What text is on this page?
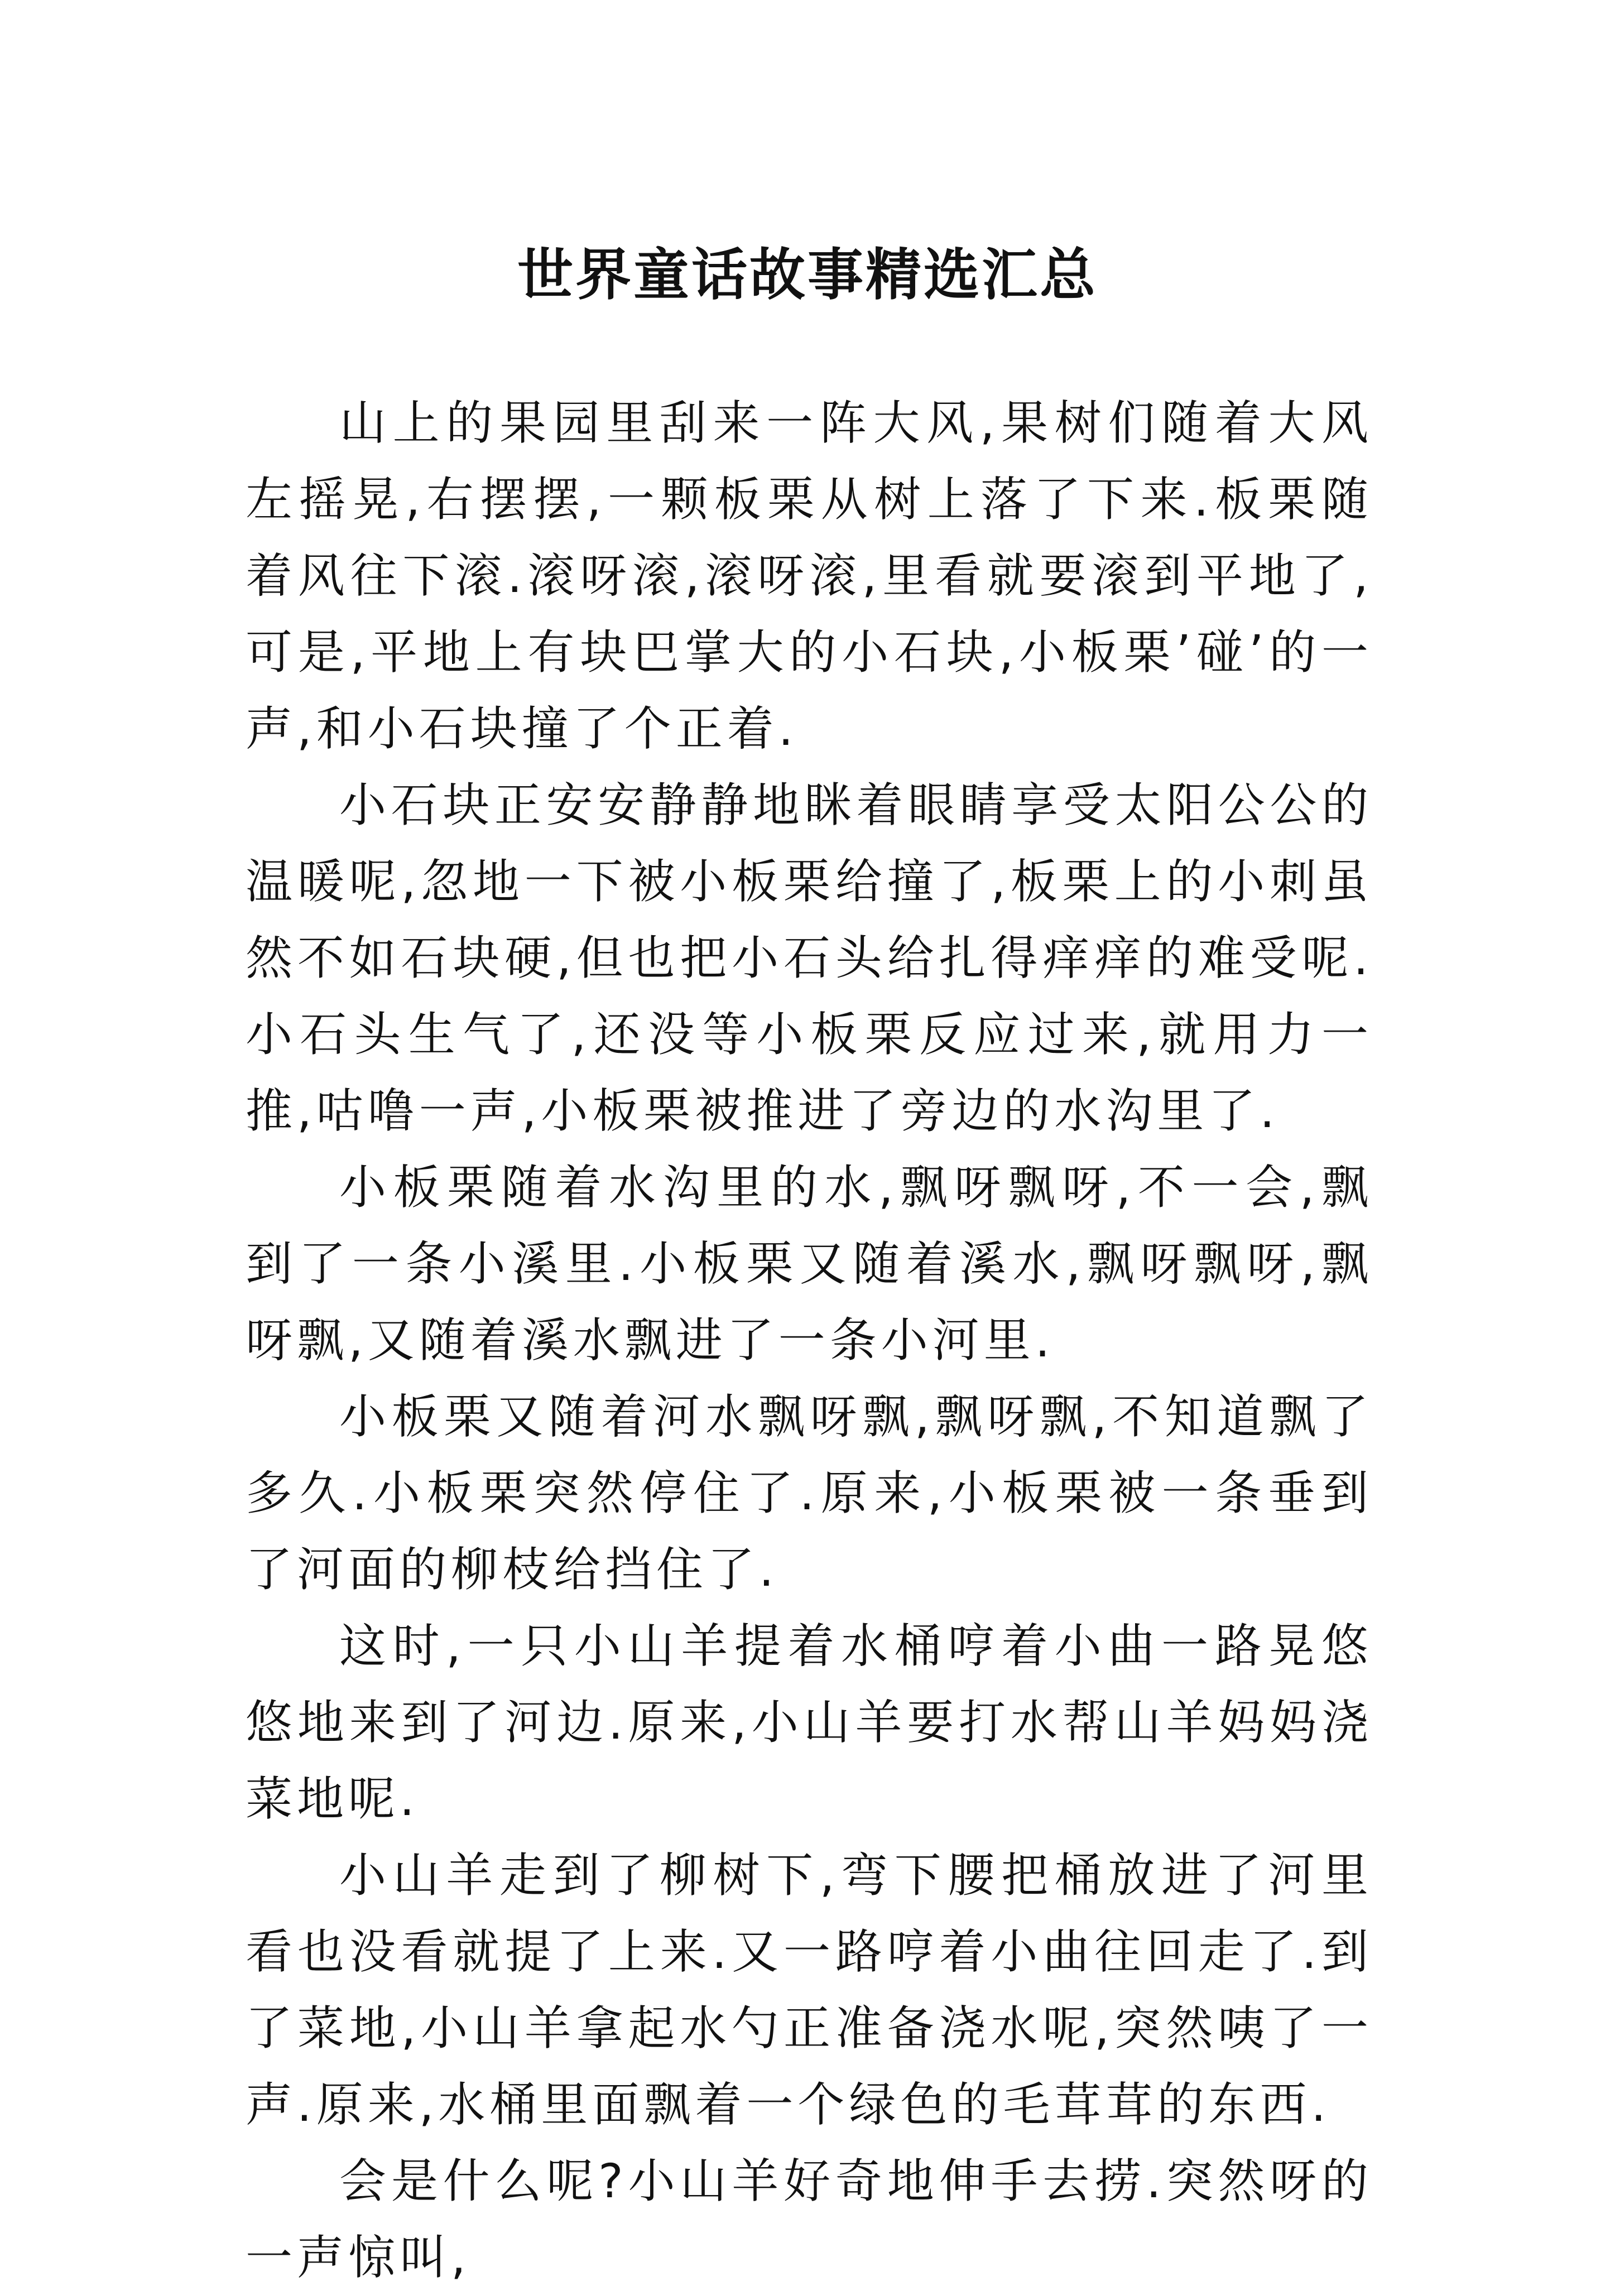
世界童话故事精选汇总

山上的果园里刮来一阵大风,果树们随着大风左摇晃,右摆摆,一颗板栗从树上落了下来.板栗随着风往下滚.滚呀滚,滚呀滚,里看就要滚到平地了,可是,平地上有块巴掌大的小石块,小板栗’碰’的一声,和小石块撞了个正着.

小石块正安安静静地眯着眼睛享受太阳公公的温暖呢,忽地一下被小板栗给撞了,板栗上的小刺虽然不如石块硬,但也把小石头给扎得痒痒的难受呢.小石头生气了,还没等小板栗反应过来,就用力一推,咕噜一声,小板栗被推进了旁边的水沟里了.

小板栗随着水沟里的水,飘呀飘呀,不一会,飘到了一条小溪里.小板栗又随着溪水,飘呀飘呀,飘呀飘,又随着溪水飘进了一条小河里.

小板栗又随着河水飘呀飘,飘呀飘,不知道飘了多久.小板栗突然停住了.原来,小板栗被一条垂到了河面的柳枝给挡住了.

这时,一只小山羊提着水桶哼着小曲一路晃悠悠地来到了河边.原来,小山羊要打水帮山羊妈妈浇菜地呢.

小山羊走到了柳树下,弯下腰把桶放进了河里看也没看就提了上来.又一路哼着小曲往回走了.到了菜地,小山羊拿起水勺正准备浇水呢,突然咦了一声.原来,水桶里面飘着一个绿色的毛茸茸的东西.

会是什么呢?小山羊好奇地伸手去捞.突然呀的一声惊叫,
